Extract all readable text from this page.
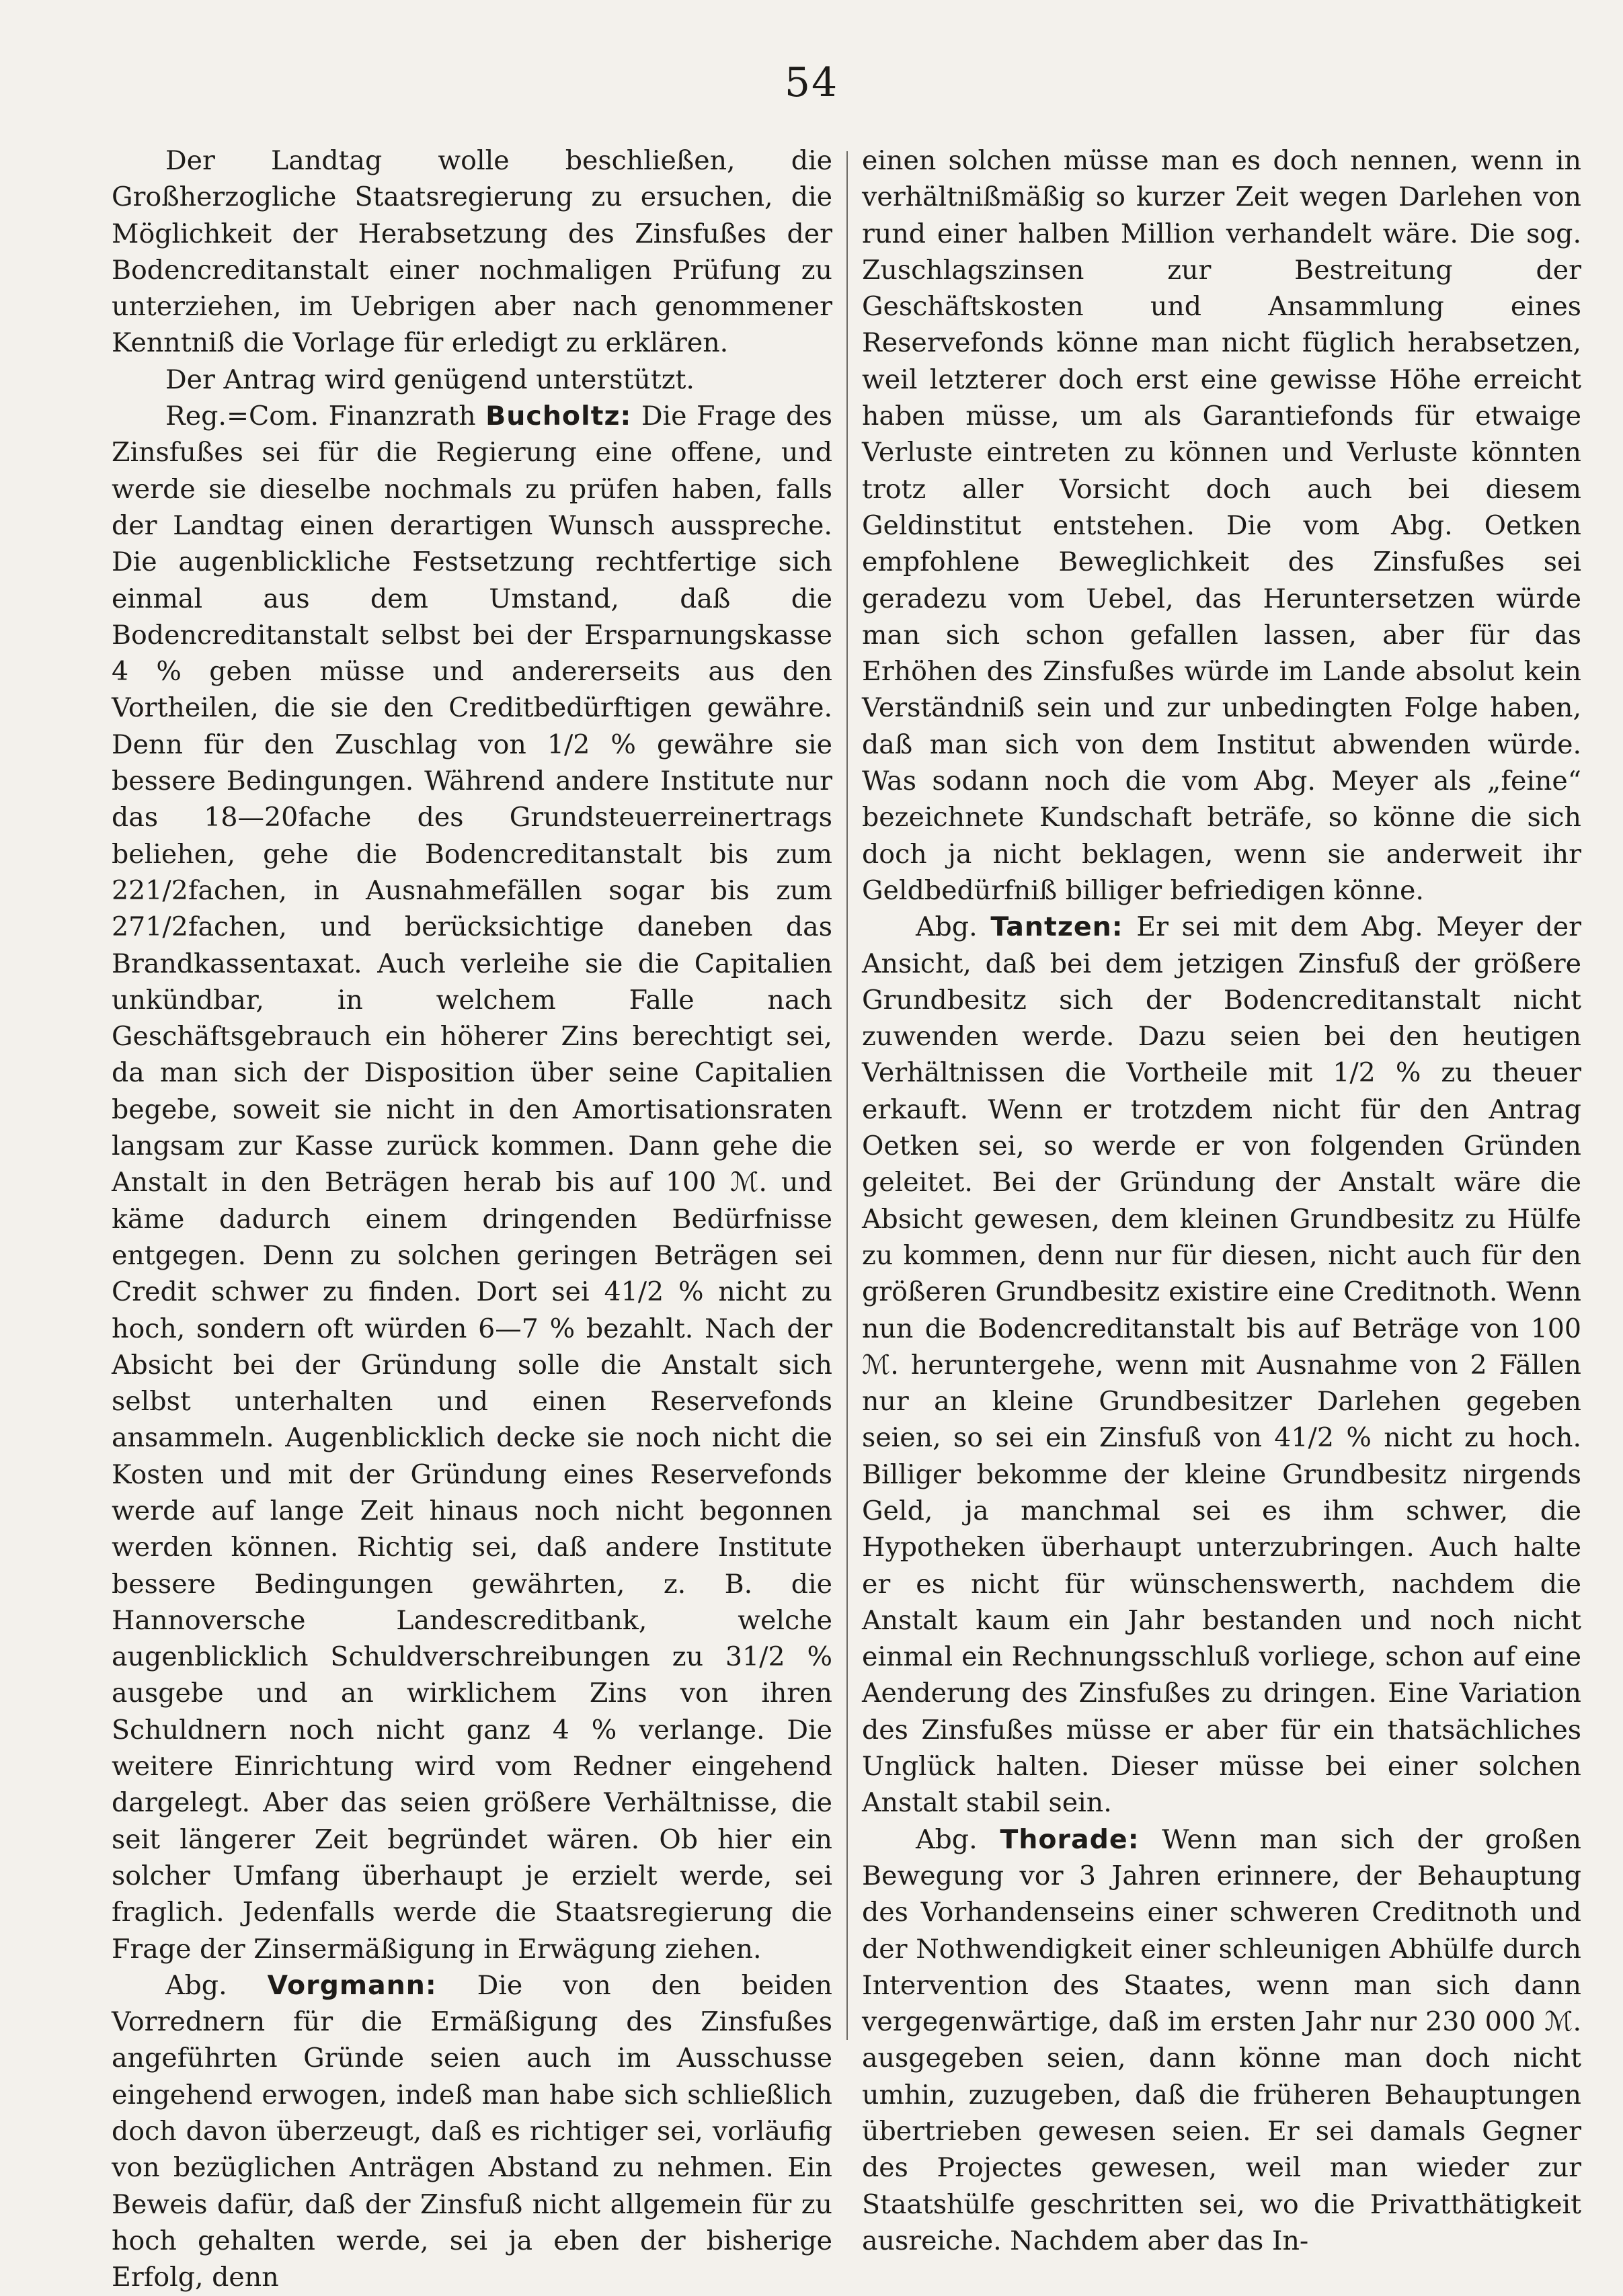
54

Der Landtag wolle beschließen, die Großherzogliche Staatsregierung zu ersuchen, die Möglichkeit der Herabsetzung des Zinsfußes der Bodencreditanstalt einer nochmaligen Prüfung zu unterziehen, im Uebrigen aber nach genommener Kenntniß die Vorlage für erledigt zu erklären.

Der Antrag wird genügend unterstützt.

Reg.=Com. Finanzrath Bucholtz: Die Frage des Zinsfußes sei für die Regierung eine offene, und werde sie dieselbe nochmals zu prüfen haben, falls der Landtag einen derartigen Wunsch ausspreche. Die augenblickliche Festsetzung rechtfertige sich einmal aus dem Umstand, daß die Bodencreditanstalt selbst bei der Ersparnungskasse 4 % geben müsse und andererseits aus den Vortheilen, die sie den Creditbedürftigen gewähre. Denn für den Zuschlag von 1/2 % gewähre sie bessere Bedingungen. Während andere Institute nur das 18—20fache des Grundsteuerreinertrags beliehen, gehe die Bodencreditanstalt bis zum 221/2fachen, in Ausnahmefällen sogar bis zum 271/2fachen, und berücksichtige daneben das Brandkassentaxat. Auch verleihe sie die Capitalien unkündbar, in welchem Falle nach Geschäftsgebrauch ein höherer Zins berechtigt sei, da man sich der Disposition über seine Capitalien begebe, soweit sie nicht in den Amortisationsraten langsam zur Kasse zurück kommen. Dann gehe die Anstalt in den Beträgen herab bis auf 100 ℳ. und käme dadurch einem dringenden Bedürfnisse entgegen. Denn zu solchen geringen Beträgen sei Credit schwer zu finden. Dort sei 41/2 % nicht zu hoch, sondern oft würden 6—7 % bezahlt. Nach der Absicht bei der Gründung solle die Anstalt sich selbst unterhalten und einen Reservefonds ansammeln. Augenblicklich decke sie noch nicht die Kosten und mit der Gründung eines Reservefonds werde auf lange Zeit hinaus noch nicht begonnen werden können. Richtig sei, daß andere Institute bessere Bedingungen gewährten, z. B. die Hannoversche Landescreditbank, welche augenblicklich Schuldverschreibungen zu 31/2 % ausgebe und an wirklichem Zins von ihren Schuldnern noch nicht ganz 4 % verlange. Die weitere Einrichtung wird vom Redner eingehend dargelegt. Aber das seien größere Verhältnisse, die seit längerer Zeit begründet wären. Ob hier ein solcher Umfang überhaupt je erzielt werde, sei fraglich. Jedenfalls werde die Staatsregierung die Frage der Zinsermäßigung in Erwägung ziehen.

Abg. Vorgmann: Die von den beiden Vorrednern für die Ermäßigung des Zinsfußes angeführten Gründe seien auch im Ausschusse eingehend erwogen, indeß man habe sich schließlich doch davon überzeugt, daß es richtiger sei, vorläufig von bezüglichen Anträgen Abstand zu nehmen. Ein Beweis dafür, daß der Zinsfuß nicht allgemein für zu hoch gehalten werde, sei ja eben der bisherige Erfolg, denn

einen solchen müsse man es doch nennen, wenn in verhältnißmäßig so kurzer Zeit wegen Darlehen von rund einer halben Million verhandelt wäre. Die sog. Zuschlagszinsen zur Bestreitung der Geschäftskosten und Ansammlung eines Reservefonds könne man nicht füglich herabsetzen, weil letzterer doch erst eine gewisse Höhe erreicht haben müsse, um als Garantiefonds für etwaige Verluste eintreten zu können und Verluste könnten trotz aller Vorsicht doch auch bei diesem Geldinstitut entstehen. Die vom Abg. Oetken empfohlene Beweglichkeit des Zinsfußes sei geradezu vom Uebel, das Heruntersetzen würde man sich schon gefallen lassen, aber für das Erhöhen des Zinsfußes würde im Lande absolut kein Verständniß sein und zur unbedingten Folge haben, daß man sich von dem Institut abwenden würde. Was sodann noch die vom Abg. Meyer als „feine“ bezeichnete Kundschaft beträfe, so könne die sich doch ja nicht beklagen, wenn sie anderweit ihr Geldbedürfniß billiger befriedigen könne.

Abg. Tantzen: Er sei mit dem Abg. Meyer der Ansicht, daß bei dem jetzigen Zinsfuß der größere Grundbesitz sich der Bodencreditanstalt nicht zuwenden werde. Dazu seien bei den heutigen Verhältnissen die Vortheile mit 1/2 % zu theuer erkauft. Wenn er trotzdem nicht für den Antrag Oetken sei, so werde er von folgenden Gründen geleitet. Bei der Gründung der Anstalt wäre die Absicht gewesen, dem kleinen Grundbesitz zu Hülfe zu kommen, denn nur für diesen, nicht auch für den größeren Grundbesitz existire eine Creditnoth. Wenn nun die Bodencreditanstalt bis auf Beträge von 100 ℳ. heruntergehe, wenn mit Ausnahme von 2 Fällen nur an kleine Grundbesitzer Darlehen gegeben seien, so sei ein Zinsfuß von 41/2 % nicht zu hoch. Billiger bekomme der kleine Grundbesitz nirgends Geld, ja manchmal sei es ihm schwer, die Hypotheken überhaupt unterzubringen. Auch halte er es nicht für wünschenswerth, nachdem die Anstalt kaum ein Jahr bestanden und noch nicht einmal ein Rechnungsschluß vorliege, schon auf eine Aenderung des Zinsfußes zu dringen. Eine Variation des Zinsfußes müsse er aber für ein thatsächliches Unglück halten. Dieser müsse bei einer solchen Anstalt stabil sein.

Abg. Thorade: Wenn man sich der großen Bewegung vor 3 Jahren erinnere, der Behauptung des Vorhandenseins einer schweren Creditnoth und der Nothwendigkeit einer schleunigen Abhülfe durch Intervention des Staates, wenn man sich dann vergegenwärtige, daß im ersten Jahr nur 230 000 ℳ. ausgegeben seien, dann könne man doch nicht umhin, zuzugeben, daß die früheren Behauptungen übertrieben gewesen seien. Er sei damals Gegner des Projectes gewesen, weil man wieder zur Staatshülfe geschritten sei, wo die Privatthätigkeit ausreiche. Nachdem aber das In-
